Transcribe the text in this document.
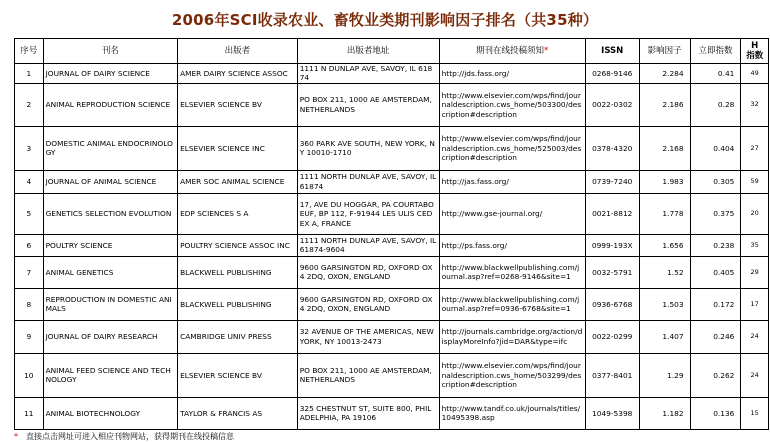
2006年SCI收录农业、畜牧业类期刊影响因子排名（共35种）
序号	刊名	出版者	出版者地址	期刊在线投稿须知*	ISSN	影响因子	立即指数	H
指数
1	JOURNAL OF DAIRY SCIENCE	AMER DAIRY SCIENCE ASSOC	1111 N DUNLAP AVE, SAVOY, IL 61874	http://jds.fass.org/	0268-9146	2.284	0.41	49
2	ANIMAL REPRODUCTION SCIENCE	ELSEVIER SCIENCE BV	PO BOX 211, 1000 AE AMSTERDAM, NETHERLANDS	http://www.elsevier.com/wps/find/journaldescription.cws_home/503300/description#description	0022-0302	2.186	0.28	32
3	DOMESTIC ANIMAL ENDOCRINOLOGY	ELSEVIER SCIENCE INC	360 PARK AVE SOUTH, NEW YORK, NY 10010-1710	http://www.elsevier.com/wps/find/journaldescription.cws_home/525003/description#description	0378-4320	2.168	0.404	27
4	JOURNAL OF ANIMAL SCIENCE	AMER SOC ANIMAL SCIENCE	1111 NORTH DUNLAP AVE, SAVOY, IL 61874	http://jas.fass.org/	0739-7240	1.983	0.305	59
5	GENETICS SELECTION EVOLUTION	EDP SCIENCES S A	17, AVE DU HOGGAR, PA COURTABOEUF, BP 112, F-91944 LES ULIS CEDEX A, FRANCE	http://www.gse-journal.org/	0021-8812	1.778	0.375	20
6	POULTRY SCIENCE	POULTRY SCIENCE ASSOC INC	1111 NORTH DUNLAP AVE, SAVOY, IL 61874-9604	http://ps.fass.org/	0999-193X	1.656	0.238	35
7	ANIMAL GENETICS	BLACKWELL PUBLISHING	9600 GARSINGTON RD, OXFORD OX4 2DQ, OXON, ENGLAND	http://www.blackwellpublishing.com/journal.asp?ref=0268-9146&site=1	0032-5791	1.52	0.405	29
8	REPRODUCTION IN DOMESTIC ANIMALS	BLACKWELL PUBLISHING	9600 GARSINGTON RD, OXFORD OX4 2DQ, OXON, ENGLAND	http://www.blackwellpublishing.com/journal.asp?ref=0936-6768&site=1	0936-6768	1.503	0.172	17
9	JOURNAL OF DAIRY RESEARCH	CAMBRIDGE UNIV PRESS	32 AVENUE OF THE AMERICAS, NEW YORK, NY 10013-2473	http://journals.cambridge.org/action/displayMoreInfo?jid=DAR&type=ifc	0022-0299	1.407	0.246	24
10	ANIMAL FEED SCIENCE AND TECHNOLOGY	ELSEVIER SCIENCE BV	PO BOX 211, 1000 AE AMSTERDAM, NETHERLANDS	http://www.elsevier.com/wps/find/journaldescription.cws_home/503299/description#description	0377-8401	1.29	0.262	24
11	ANIMAL BIOTECHNOLOGY	TAYLOR & FRANCIS AS	325 CHESTNUT ST, SUITE 800, PHILADELPHIA, PA 19106	http://www.tandf.co.uk/journals/titles/10495398.asp	1049-5398	1.182	0.136	15
* 直接点击网址可进入相应刊物网站，获得期刊在线投稿信息
